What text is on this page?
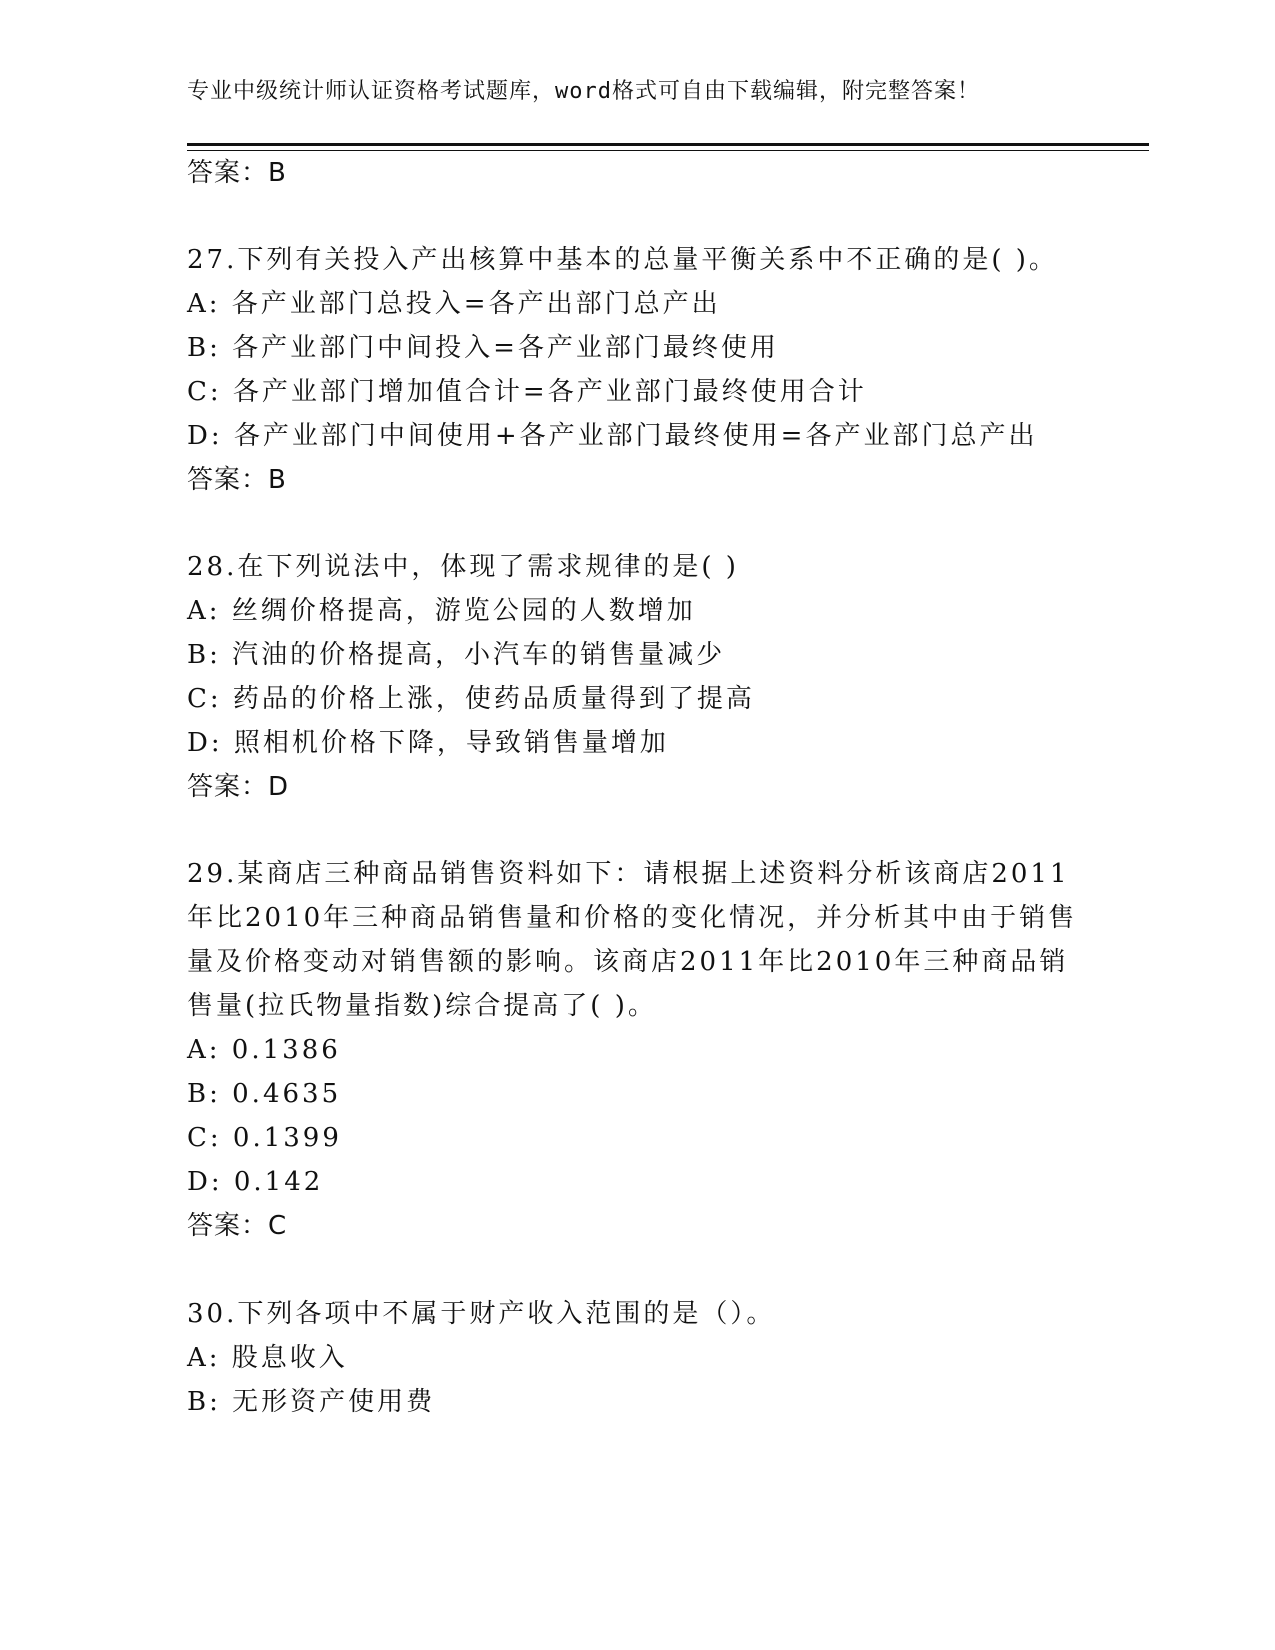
专业中级统计师认证资格考试题库，word格式可自由下载编辑，附完整答案！
答案：B
27.下列有关投入产出核算中基本的总量平衡关系中不正确的是( )。
A: 各产业部门总投入=各产出部门总产出
B: 各产业部门中间投入=各产业部门最终使用
C: 各产业部门增加值合计=各产业部门最终使用合计
D: 各产业部门中间使用+各产业部门最终使用=各产业部门总产出
答案：B
28.在下列说法中，体现了需求规律的是( )
A: 丝绸价格提高，游览公园的人数增加
B: 汽油的价格提高，小汽车的销售量减少
C: 药品的价格上涨，使药品质量得到了提高
D: 照相机价格下降，导致销售量增加
答案：D
29.某商店三种商品销售资料如下：请根据上述资料分析该商店2011
年比2010年三种商品销售量和价格的变化情况，并分析其中由于销售
量及价格变动对销售额的影响。该商店2011年比2010年三种商品销
售量(拉氏物量指数)综合提高了( )。
A: 0.1386
B: 0.4635
C: 0.1399
D: 0.142
答案：C
30.下列各项中不属于财产收入范围的是（）。
A: 股息收入
B: 无形资产使用费
